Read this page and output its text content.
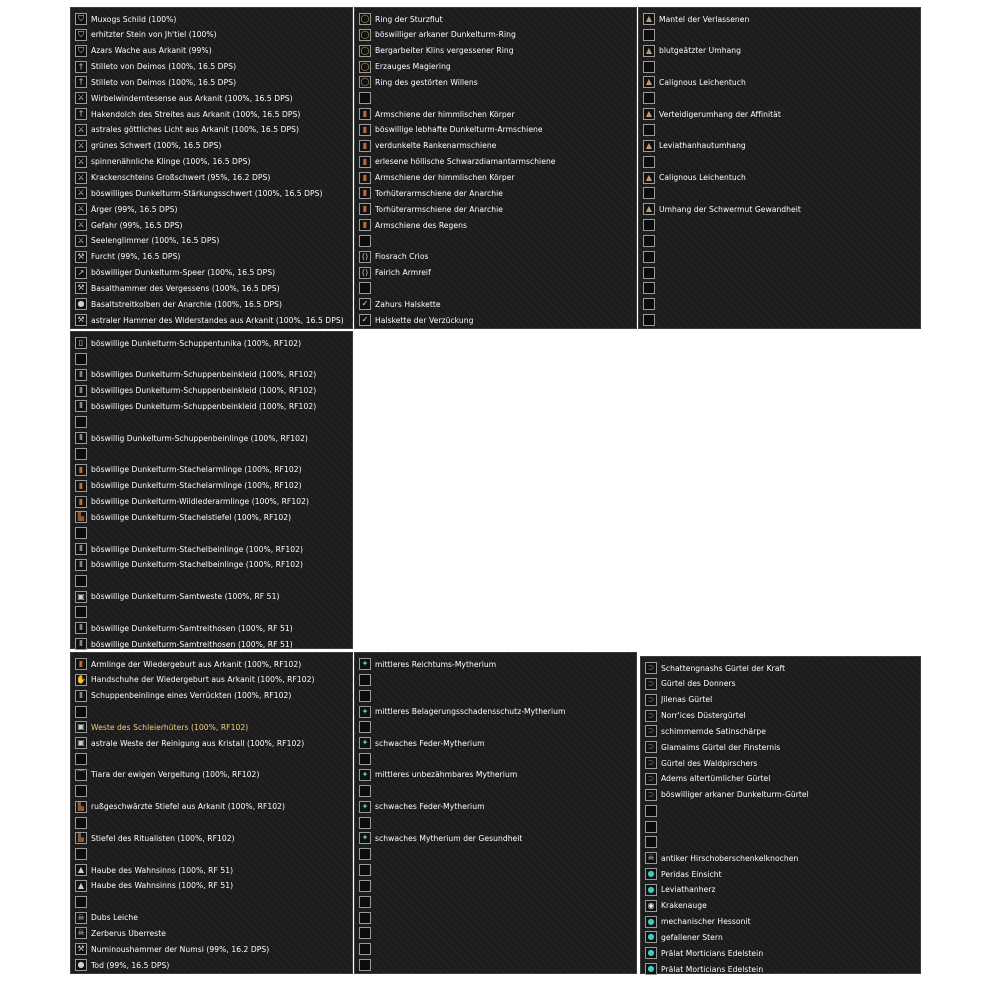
⛉ Muxogs Schild (100%)
⛉ erhitzter Stein von Jh'tiel (100%)
⛉ Azars Wache aus Arkanit (99%)
†	Stilleto von Deimos (100%, 16.5 DPS)
†	Stilleto von Deimos (100%, 16.5 DPS)
⚔ Wirbelwinderntesense aus Arkanit (100%, 16.5 DPS)
†	Hakendolch des Streites aus Arkanit (100%, 16.5 DPS)
⚔ astrales göttliches Licht aus Arkanit (100%, 16.5 DPS)
⚔ grünes Schwert (100%, 16.5 DPS)
⚔ spinnenähnliche Klinge (100%, 16.5 DPS)
⚔ Krackenschteins Großschwert (95%, 16.2 DPS)
⚔ böswilliges Dunkelturm-Stärkungsschwert (100%, 16.5 DPS)
⚔ Ärger (99%, 16.5 DPS)
⚔ Gefahr (99%, 16.5 DPS)
⚔ Seelenglimmer (100%, 16.5 DPS)
⚒ Furcht (99%, 16.5 DPS)
↗ böswilliger Dunkelturm-Speer (100%, 16.5 DPS)
⚒ Basalthammer des Vergessens (100%, 16.5 DPS)
● Basaltstreitkolben der Anarchie (100%, 16.5 DPS)
⚒ astraler Hammer des Widerstandes aus Arkanit (100%, 16.5 DPS)
◯ Ring der Sturzflut
◯ böswilliger arkaner Dunkelturm-Ring
◯ Bergarbeiter Klins vergessener Ring
◯ Erzauges Magiering
◯ Ring des gestörten Willens
▮	Armschiene der himmlischen Körper
▮	böswillige lebhafte Dunkelturm-Armschiene
▮	verdunkelte Rankenarmschiene
▮	erlesene höllische Schwarzdiamantarmschiene
▮	Armschiene der himmlischen Körper
▮	Torhüterarmschiene der Anarchie
▮	Torhüterarmschiene der Anarchie
▮	Armschiene des Regens
() Fiosrach Crios
() Fairich Armreif
✓ Zahurs Halskette
✓ Halskette der Verzückung
▲ Mantel der Verlassenen
▲ blutgeätzter Umhang
▲ Calignous Leichentuch
▲ Verteidigerumhang der Affinität
▲ Leviathanhautumhang
▲ Calignous Leichentuch
▲ Umhang der Schwermut Gewandheit
▯	böswillige Dunkelturm-Schuppentunika (100%, RF102)
Ⅱ	böswilliges Dunkelturm-Schuppenbeinkleid (100%, RF102)
Ⅱ	böswilliges Dunkelturm-Schuppenbeinkleid (100%, RF102)
Ⅱ	böswilliges Dunkelturm-Schuppenbeinkleid (100%, RF102)
Ⅱ	böswillig Dunkelturm-Schuppenbeinlinge (100%, RF102)
▮	böswillige Dunkelturm-Stachelarmlinge (100%, RF102)
▮	böswillige Dunkelturm-Stachelarmlinge (100%, RF102)
▮	böswillige Dunkelturm-Wildlederarmlinge (100%, RF102)
▙ böswillige Dunkelturm-Stachelstiefel (100%, RF102)
Ⅱ	böswillige Dunkelturm-Stachelbeinlinge (100%, RF102)
Ⅱ	böswillige Dunkelturm-Stachelbeinlinge (100%, RF102)
▣ böswillige Dunkelturm-Samtweste (100%, RF 51)
Ⅱ	böswillige Dunkelturm-Samtreithosen (100%, RF 51)
Ⅱ	böswillige Dunkelturm-Samtreithosen (100%, RF 51)
▮	Armlinge der Wiedergeburt aus Arkanit (100%, RF102)
✋ Handschuhe der Wiedergeburt aus Arkanit (100%, RF102)
Ⅱ	Schuppenbeinlinge eines Verrückten (100%, RF102)
▣ Weste des Schleierhüters (100%, RF102)
▣ astrale Weste der Reinigung aus Kristall (100%, RF102)
⌒ Tiara der ewigen Vergeltung (100%, RF102)
▙ rußgeschwärzte Stiefel aus Arkanit (100%, RF102)
▙ Stiefel des Ritualisten (100%, RF102)
▲ Haube des Wahnsinns (100%, RF 51)
▲ Haube des Wahnsinns (100%, RF 51)
☠ Dubs Leiche
☠ Zerberus Überreste
⚒ Numinoushammer der Numsi (99%, 16.2 DPS)
● Tod (99%, 16.5 DPS)
✦ mittleres Reichtums-Mytherium
✦ mittleres Belagerungsschadensschutz-Mytherium
✦ schwaches Feder-Mytherium
✦ mittleres unbezähmbares Mytherium
✦ schwaches Feder-Mytherium
✦ schwaches Mytherium der Gesundheit
⊃ Schattengnashs Gürtel der Kraft
⊃ Gürtel des Donners
⊃ Jilenas Gürtel
⊃ Norr'ices Düstergürtel
⊃ schimmernde Satinschärpe
⊃ Glamaims Gürtel der Finsternis
⊃ Gürtel des Waldpirschers
⊃ Adems altertümlicher Gürtel
⊃ böswilliger arkaner Dunkelturm-Gürtel
☠ antiker Hirschoberschenkelknochen
● Peridas Einsicht
● Leviathanherz
◉ Krakenauge
● mechanischer Hessonit
● gefallener Stern
● Prälat Morticians Edelstein
● Prälat Morticians Edelstein
